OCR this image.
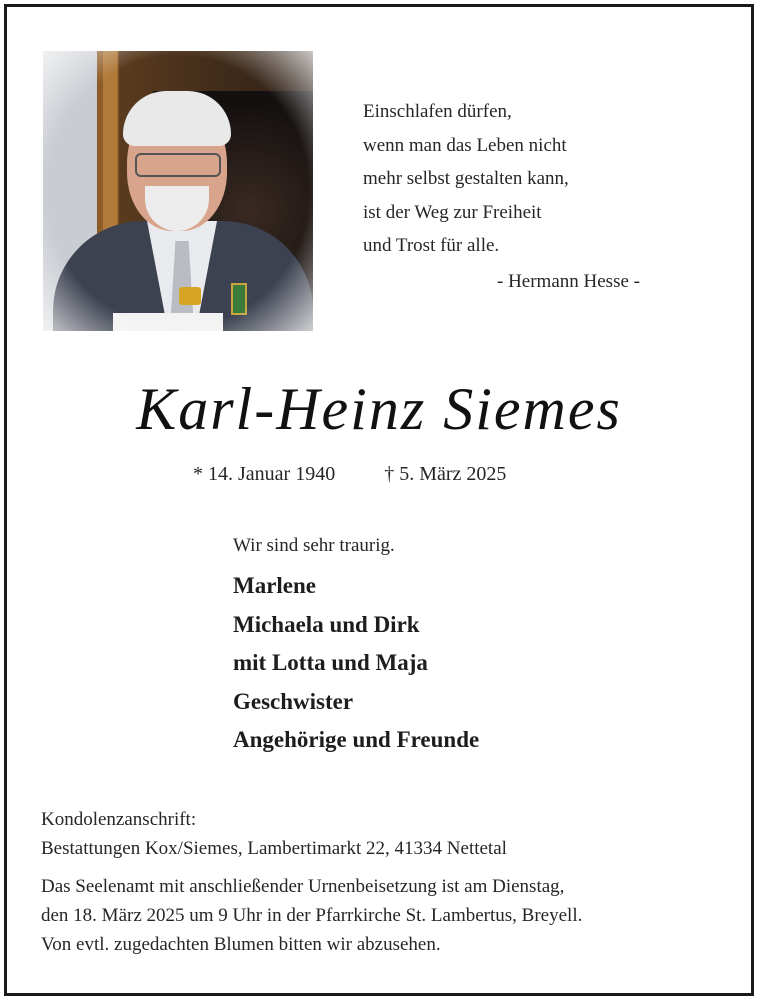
Einschlafen dürfen,
wenn man das Leben nicht
mehr selbst gestalten kann,
ist der Weg zur Freiheit
und Trost für alle.
- Hermann Hesse -
Karl-Heinz Siemes
* 14. Januar 1940 † 5. März 2025
Wir sind sehr traurig.
Marlene
Michaela und Dirk
mit Lotta und Maja
Geschwister
Angehörige und Freunde
Kondolenzanschrift:
Bestattungen Kox/Siemes, Lambertimarkt 22, 41334 Nettetal
Das Seelenamt mit anschließender Urnenbeisetzung ist am Dienstag,
den 18. März 2025 um 9 Uhr in der Pfarrkirche St. Lambertus, Breyell.
Von evtl. zugedachten Blumen bitten wir abzusehen.
